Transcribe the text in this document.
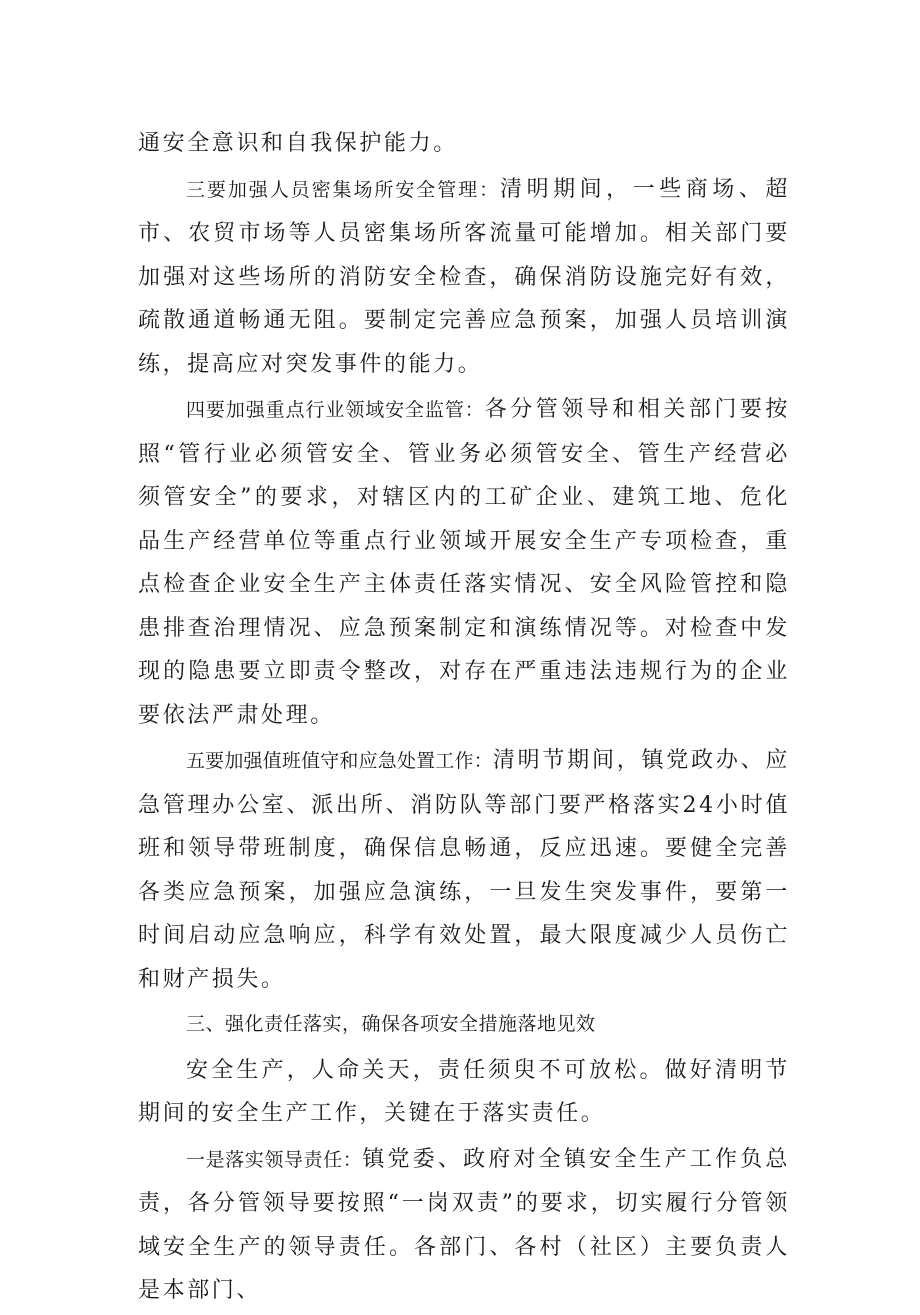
通安全意识和自我保护能力。

三要加强人员密集场所安全管理：清明期间，一些商场、超市、农贸市场等人员密集场所客流量可能增加。相关部门要加强对这些场所的消防安全检查，确保消防设施完好有效，疏散通道畅通无阻。要制定完善应急预案，加强人员培训演练，提高应对突发事件的能力。

四要加强重点行业领域安全监管：各分管领导和相关部门要按照“管行业必须管安全、管业务必须管安全、管生产经营必须管安全”的要求，对辖区内的工矿企业、建筑工地、危化品生产经营单位等重点行业领域开展安全生产专项检查，重点检查企业安全生产主体责任落实情况、安全风险管控和隐患排查治理情况、应急预案制定和演练情况等。对检查中发现的隐患要立即责令整改，对存在严重违法违规行为的企业要依法严肃处理。

五要加强值班值守和应急处置工作：清明节期间，镇党政办、应急管理办公室、派出所、消防队等部门要严格落实24小时值班和领导带班制度，确保信息畅通，反应迅速。要健全完善各类应急预案，加强应急演练，一旦发生突发事件，要第一时间启动应急响应，科学有效处置，最大限度减少人员伤亡和财产损失。

三、强化责任落实，确保各项安全措施落地见效

安全生产，人命关天，责任须臾不可放松。做好清明节期间的安全生产工作，关键在于落实责任。

一是落实领导责任：镇党委、政府对全镇安全生产工作负总责，各分管领导要按照“一岗双责”的要求，切实履行分管领域安全生产的领导责任。各部门、各村（社区）主要负责人是本部门、
